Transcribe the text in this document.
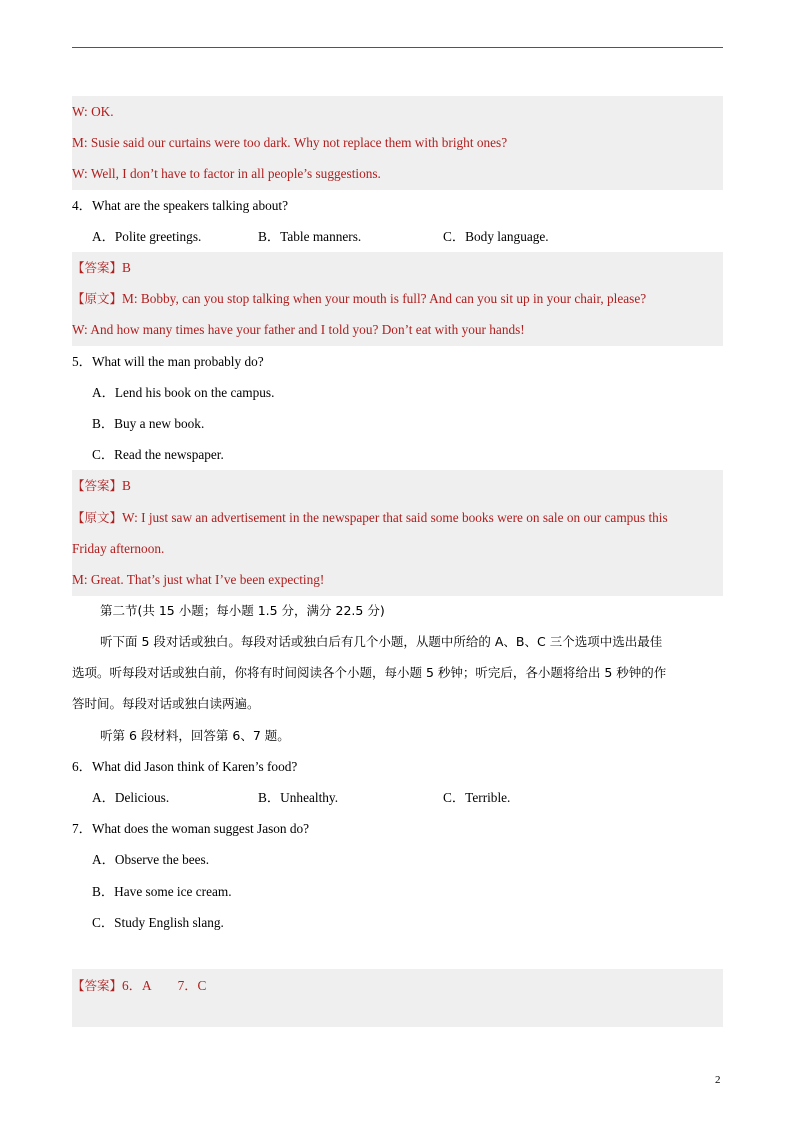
W: OK.
M: Susie said our curtains were too dark. Why not replace them with bright ones?
W: Well, I don’t have to factor in all people’s suggestions.
4．What are the speakers talking about?
A．Polite greetings.	B．Table manners.	C．Body language.
【答案】B
【原文】M: Bobby, can you stop talking when your mouth is full? And can you sit up in your chair, please?
W: And how many times have your father and I told you? Don’t eat with your hands!
5．What will the man probably do?
A．Lend his book on the campus.
B．Buy a new book.
C．Read the newspaper.
【答案】B
【原文】W: I just saw an advertisement in the newspaper that said some books were on sale on our campus this
Friday afternoon.
M: Great. That’s just what I’ve been expecting!
第二节(共 15 小题；每小题 1.5 分，满分 22.5 分)
听下面 5 段对话或独白。每段对话或独白后有几个小题，从题中所给的 A、B、C 三个选项中选出最佳
选项。听每段对话或独白前，你将有时间阅读各个小题，每小题 5 秒钟；听完后，各小题将给出 5 秒钟的作
答时间。每段对话或独白读两遍。
听第 6 段材料，回答第 6、7 题。
6．What did Jason think of Karen’s food?
A．Delicious.	B．Unhealthy.	C．Terrible.
7．What does the woman suggest Jason do?
A．Observe the bees.
B．Have some ice cream.
C．Study English slang.
【答案】6．A 7．C
2
